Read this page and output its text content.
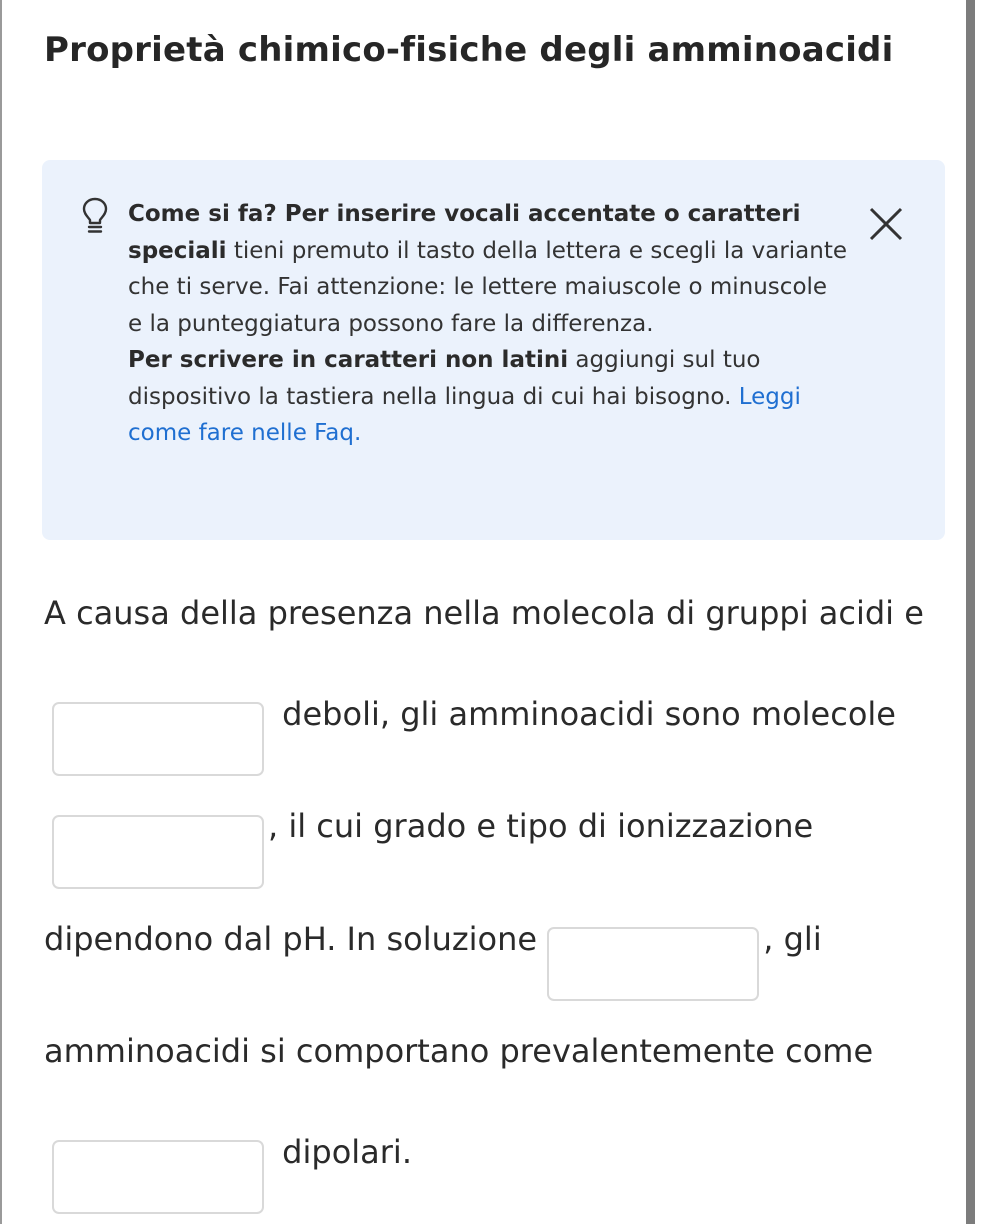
Proprietà chimico-fisiche degli amminoacidi

Come si fa? Per inserire vocali accentate o caratteri speciali tieni premuto il tasto della lettera e scegli la variante che ti serve. Fai attenzione: le lettere maiuscole o minuscole e la punteggiatura possono fare la differenza.
Per scrivere in caratteri non latini aggiungi sul tuo dispositivo la tastiera nella lingua di cui hai bisogno. Leggi come fare nelle Faq.

A causa della presenza nella molecola di gruppi acidi e  deboli, gli amminoacidi sono molecole , il cui grado e tipo di ionizzazione dipendono dal pH. In soluzione	, gli amminoacidi si comportano prevalentemente come  dipolari.
